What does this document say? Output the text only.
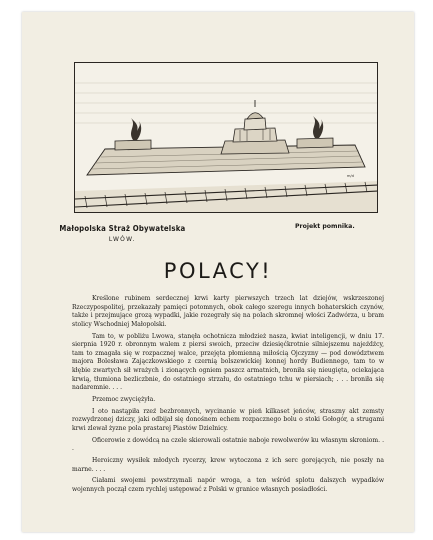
m/d
Małopolska Straż Obywatelska
LWÓW.
Projekt pomnika.
POLACY!

Kreślone rubinem serdecznej krwi karty pierwszych trzech lat dziejów, wskrzeszonej Rzeczypospolitej, przekazały pamięci potomnych, obok całego szeregu innych bohaterskich czynów, także i przejmujące grozą wypadki, jakie rozegrały się na polach skromnej włości Zadwórza, u bram stolicy Wschodniej Małopolski.

Tam to, w pobliżu Lwowa, stanęła ochotnicza młodzież nasza, kwiat inteligencji, w dniu 17. sierpnia 1920 r. obronnym walem z piersi swoich, przeciw dziesięćkrotnie silniejszemu najeźdźcy, tam to zmagała się w rozpacznej walce, przejęta płomienną miłością Ojczyzny — pod dowództwem majora Bolesława Zajączkowskiego z czernią bolszewickiej konnej hordy Budiennego, tam to w kłębie zwartych sił wrażych i zionących ogniem paszcz armatnich, broniła się nieugięta, ociekająca krwią, tłumiona bezliczbnie, do ostatniego strzału, do ostatniego tchu w piersiach; . . . broniła się nadaremnie. . . .

Przemoc zwyciężyła.

I oto nastąpiła rzeź bezbronnych, wycinanie w pień kilkaset jeńców, straszny akt zemsty rozwydrzonej dziczy, jaki odbijał się donośnem echem rozpacznego bolu o stoki Gołogór, a strugami krwi zlewał żyzne pola prastarej Piastów Dzielnicy.

Oficerowie z dowódcą na czele skierowali ostatnie naboje rewolwerów ku własnym skroniom. . .

Heroiczny wysiłek młodych rycerzy, krew wytoczona z ich serc gorejących, nie poszły na marne. . . .

Ciałami swojemi powstrzymali napór wroga, a ten wśród splotu dalszych wypadków wojennych począł czem rychlej ustępować z Polski w granice własnych posiadłości.
